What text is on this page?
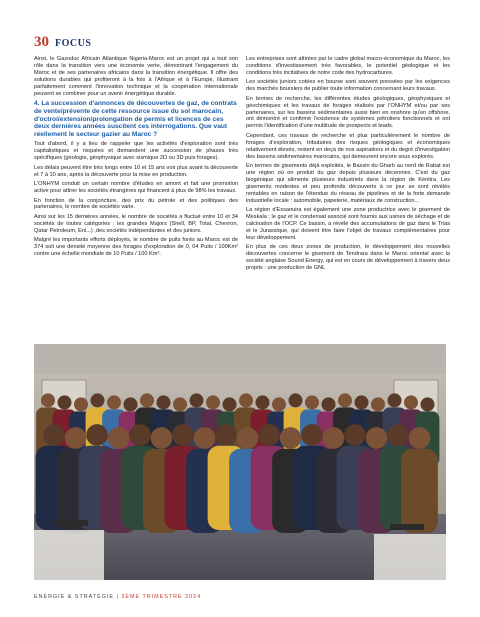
30 FOCUS

Ainsi, le Gazoduc Africain Atlantique Nigeria-Maroc est un projet qui a tout son rôle dans la transition vers une économie verte, démontrant l'engagement du Maroc et de ses partenaires africains dans la transition énergétique. Il offre des solutions durables qui profiteront à la fois à l'Afrique et à l'Europe, illustrant parfaitement comment l'innovation technique et la coopération internationale peuvent se combiner pour un avenir énergétique durable.

4. La succession d'annonces de découvertes de gaz, de contrats de vente/prévente de cette ressource issue du sol marocain, d'octroi/extension/prolongation de permis et licences de ces deux dernières années suscitent ces interrogations. Que vaut réellement le secteur gazier au Maroc ?

Tout d'abord, il y a lieu de rappeler que les activités d'exploration sont très capitalistiques et risquées et demandent une succession de phases très spécifiques (géologie, géophysique avec sismique 2D ou 3D puis forages).

Les délais peuvent être très longs entre 10 et 15 ans voir plus avant la découverte et 7 à 10 ans, après la découverte pour la mise en production.

L'ONHYM conduit un certain nombre d'études en amont et fait une promotion active pour attirer les sociétés étrangères qui financent à plus de 98% les travaux.

En fonction de la conjoncture, des prix du pétrole et des politiques des partenaires, le nombre de sociétés varie.

Ainsi sur les 15 dernières années, le nombre de sociétés a fluctué entre 10 et 34 sociétés de toutes catégories : les grandes Majors (Shell, BP, Total, Chevron, Qatar Petroleum, Eni...) ,des sociétés indépendantes et des juniors.

Malgré les importants efforts déployés, le nombre de puits forés au Maroc est de 374 soit une densité moyenne des forages d'exploration de 0, 04 Puits / 100Km² contre une échelle mondiale de 10 Puits / 100 Km².

Les entreprises sont attirées par le cadre global macro-économique du Maroc, les conditions d'investissement très favorables, le potentiel géologique et les conditions très incitatives de notre code des hydrocarbures.

Les sociétés juniors cotées en bourse sont souvent pressées par les exigences des marchés boursiers de publier toute information concernant leurs travaux.

En termes de recherche, les différentes études géologiques, géophysiques et géochimiques et les travaux de forages réalisés par l'ONHYM et/ou par ses partenaires, sur les bassins sédimentaires aussi bien en onshore qu'en offshore, ont démontré et confirmé l'existence de systèmes pétroliers fonctionnels et ont permis l'identification d'une multitude de prospects et leads.

Cependant, ces travaux de recherche et plus particulièrement le nombre de forages d'exploration, tributaires des risques géologiques et économiques relativement élevés, restent en deçà de nos aspirations et du degré d'investigation des bassins sédimentaires marocains, qui demeurent encore sous explorés.

En termes de gisements déjà exploités, le Bassin du Gharb au nord de Rabat est une région où on produit du gaz depuis plusieurs décennies. C'est du gaz biogénique qui alimente plusieurs industriels dans la région de Kénitra. Les gisements modestes et peu profonds découverts à ce jour se sont révélés rentables en raison de l'étendue du réseau de pipelines et de la forte demande industrielle locale : automobile, papeterie, matériaux de construction...

La région d'Essaouira est également une zone productrice avec le gisement de Meskala ; le gaz et le condensat associé sont fournis aux usines de séchage et de calcination de l'OCP. Ce bassin, a révélé des accumulations de gaz dans le Trias et le Jurassique, qui doivent être faire l'objet de travaux complémentaires pour leur développement.

En plus de ces deux zones de production, le développement des nouvelles découvertes concerne le gisement de Tendrara dans le Maroc oriental avec la société anglaise Sound Energy, qui est en cours de développement à travers deux projets : une production de GNL

ENERGIE & STRATÉGIE | 3ÈME TRIMESTRE 2024
